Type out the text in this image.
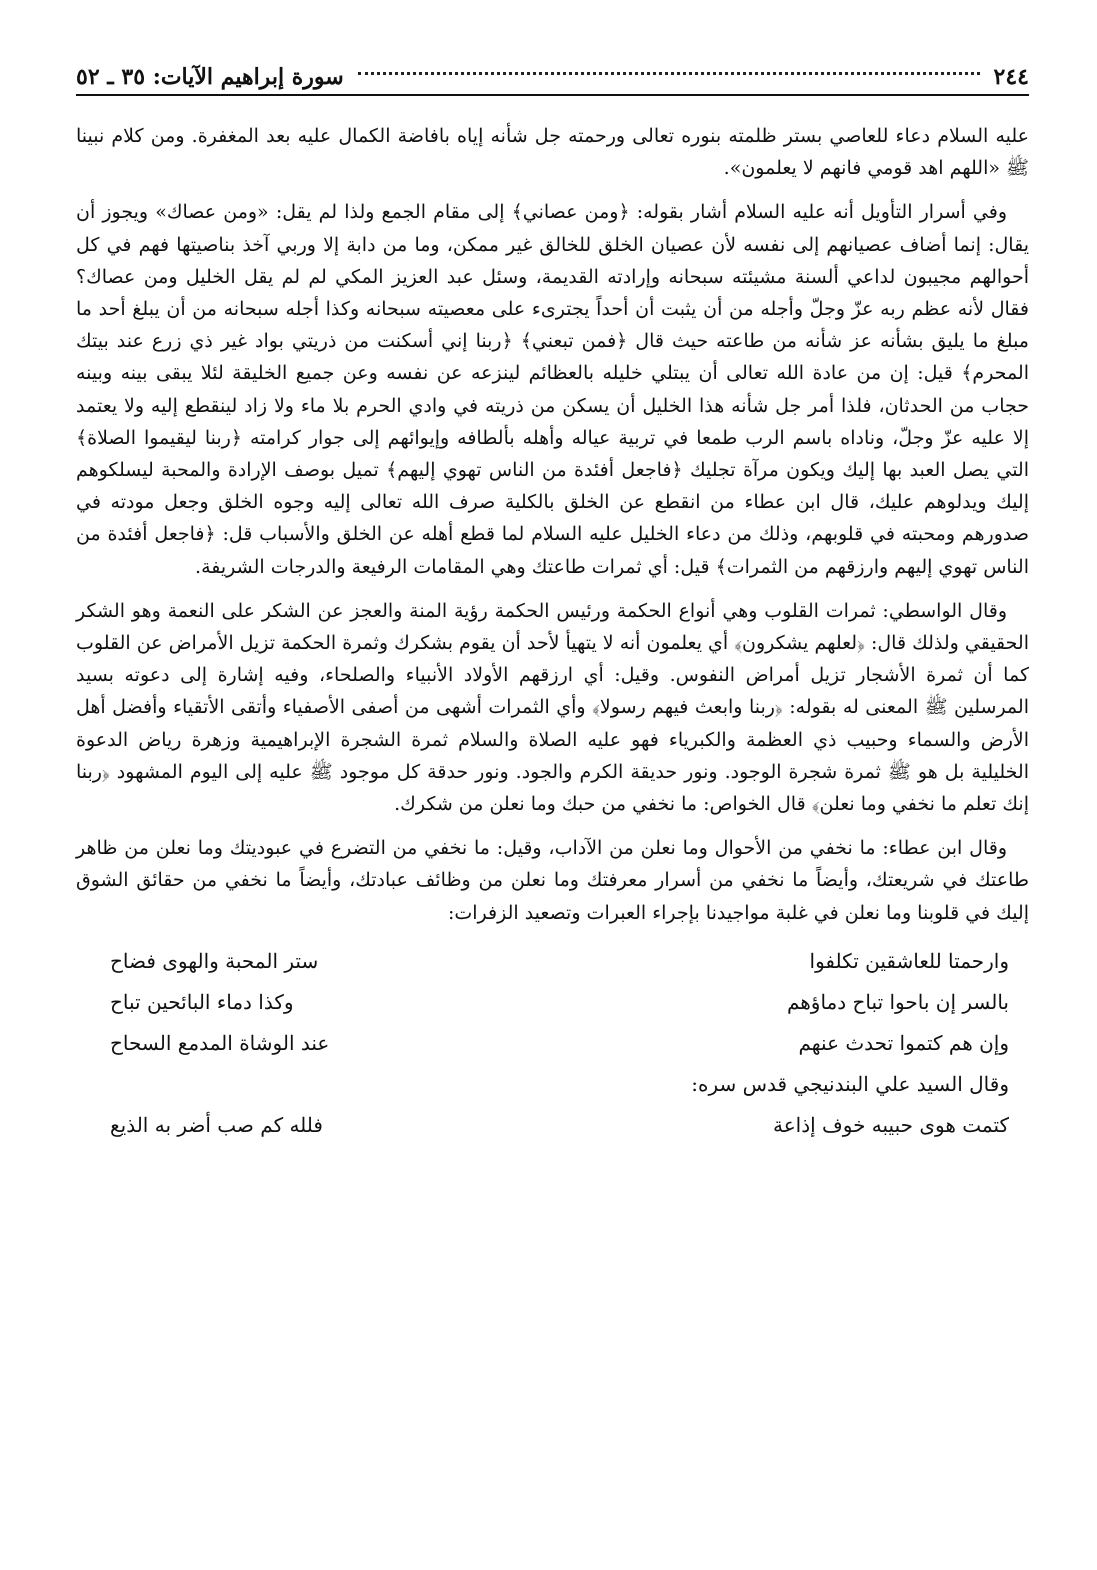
٢٤٤
سورة إبراهيم الآيات: ٣٥ ـ ٥٢

عليه السلام دعاء للعاصي بستر ظلمته بنوره تعالى ورحمته جل شأنه إياه بافاضة الكمال عليه بعد المغفرة. ومن كلام نبينا ﷺ «اللهم اهد قومي فانهم لا يعلمون».

وفي أسرار التأويل أنه عليه السلام أشار بقوله: ﴿ومن عصاني﴾ إلى مقام الجمع ولذا لم يقل: «ومن عصاك» ويجوز أن يقال: إنما أضاف عصيانهم إلى نفسه لأن عصيان الخلق للخالق غير ممكن، وما من دابة إلا وربي آخذ بناصيتها فهم في كل أحوالهم مجيبون لداعي ألسنة مشيئته سبحانه وإرادته القديمة، وسئل عبد العزيز المكي لم لم يقل الخليل ومن عصاك؟ فقال لأنه عظم ربه عزّ وجلّ وأجله من أن يثبت أن أحداً يجترىء على معصيته سبحانه وكذا أجله سبحانه من أن يبلغ أحد ما مبلغ ما يليق بشأنه عز شأنه من طاعته حيث قال ﴿فمن تبعني﴾ ﴿ربنا إني أسكنت من ذريتي بواد غير ذي زرع عند بيتك المحرم﴾ قيل: إن من عادة الله تعالى أن يبتلي خليله بالعظائم لينزعه عن نفسه وعن جميع الخليقة لئلا يبقى بينه وبينه حجاب من الحدثان، فلذا أمر جل شأنه هذا الخليل أن يسكن من ذريته في وادي الحرم بلا ماء ولا زاد لينقطع إليه ولا يعتمد إلا عليه عزّ وجلّ، وناداه باسم الرب طمعا في تربية عياله وأهله بألطافه وإيوائهم إلى جوار كرامته ﴿ربنا ليقيموا الصلاة﴾ التي يصل العبد بها إليك ويكون مرآة تجليك ﴿فاجعل أفئدة من الناس تهوي إليهم﴾ تميل بوصف الإرادة والمحبة ليسلكوهم إليك ويدلوهم عليك، قال ابن عطاء من انقطع عن الخلق بالكلية صرف الله تعالى إليه وجوه الخلق وجعل مودته في صدورهم ومحبته في قلوبهم، وذلك من دعاء الخليل عليه السلام لما قطع أهله عن الخلق والأسباب قل: ﴿فاجعل أفئدة من الناس تهوي إليهم وارزقهم من الثمرات﴾ قيل: أي ثمرات طاعتك وهي المقامات الرفيعة والدرجات الشريفة.

وقال الواسطي: ثمرات القلوب وهي أنواع الحكمة ورئيس الحكمة رؤية المنة والعجز عن الشكر على النعمة وهو الشكر الحقيقي ولذلك قال: ﴿لعلهم يشكرون﴾ أي يعلمون أنه لا يتهيأ لأحد أن يقوم بشكرك وثمرة الحكمة تزيل الأمراض عن القلوب كما أن ثمرة الأشجار تزيل أمراض النفوس. وقيل: أي ارزقهم الأولاد الأنبياء والصلحاء، وفيه إشارة إلى دعوته بسيد المرسلين ﷺ المعنى له بقوله: ﴿ربنا وابعث فيهم رسولا﴾ وأي الثمرات أشهى من أصفى الأصفياء وأتقى الأتقياء وأفضل أهل الأرض والسماء وحبيب ذي العظمة والكبرياء فهو عليه الصلاة والسلام ثمرة الشجرة الإبراهيمية وزهرة رياض الدعوة الخليلية بل هو ﷺ ثمرة شجرة الوجود. ونور حديقة الكرم والجود. ونور حدقة كل موجود ﷺ عليه إلى اليوم المشهود ﴿ربنا إنك تعلم ما نخفي وما نعلن﴾ قال الخواص: ما نخفي من حبك وما نعلن من شكرك.

وقال ابن عطاء: ما نخفي من الأحوال وما نعلن من الآداب، وقيل: ما نخفي من التضرع في عبوديتك وما نعلن من ظاهر طاعتك في شريعتك، وأيضاً ما نخفي من أسرار معرفتك وما نعلن من وظائف عبادتك، وأيضاً ما نخفي من حقائق الشوق إليك في قلوبنا وما نعلن في غلبة مواجيدنا بإجراء العبرات وتصعيد الزفرات:

وارحمتا للعاشقين تكلفوا
ستر المحبة والهوى فضاح
بالسر إن باحوا تباح دماؤهم
وكذا دماء البائحين تباح
وإن هم كتموا تحدث عنهم
عند الوشاة المدمع السحاح
وقال السيد علي البندنيجي قدس سره:
كتمت هوى حبيبه خوف إذاعة
فلله كم صب أضر به الذيع
